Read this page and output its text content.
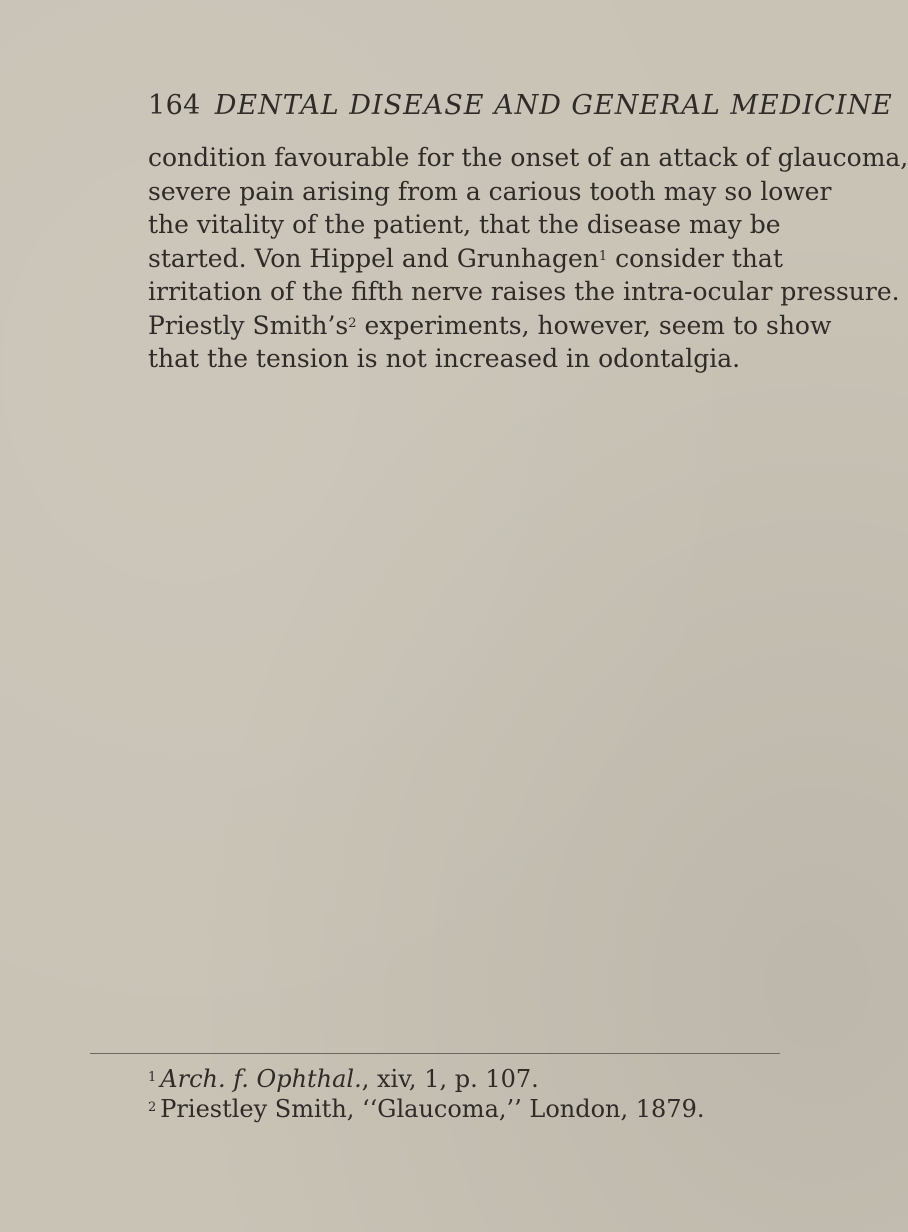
164 DENTAL DISEASE AND GENERAL MEDICINE
condition favourable for the onset of an attack of glaucoma,
severe pain arising from a carious tooth may so lower
the vitality of the patient, that the disease may be
started. Von Hippel and Grunhagen$^1$ consider that
irritation of the fifth nerve raises the intra-ocular pressure.
Priestly $Smith’s^2$ experiments, however, seem to show
that the tension is not increased in odontalgia.
$^1$ Arch. f. Ophthal., xiv, 1, p. 107.
$^2$ Priestley Smith, ‘‘Glaucoma,’’ London, 1879.
